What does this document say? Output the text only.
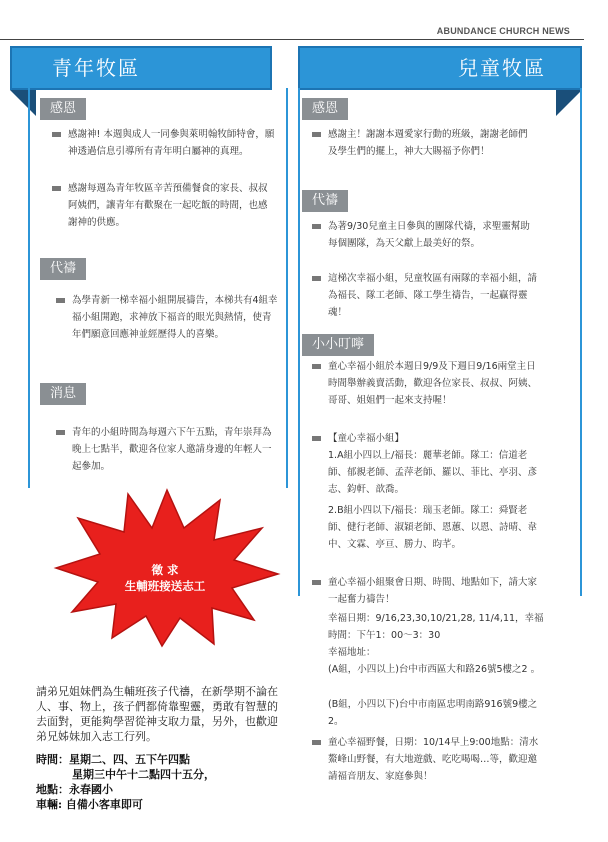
ABUNDANCE CHURCH NEWS
青年牧區
感恩
感謝神! 本週與成人一同參與萊明翰牧師特會，願神透過信息引導所有青年明白屬神的真理。
感謝每週為青年牧區辛苦預備餐食的家長、叔叔阿姨們，讓青年有歡聚在一起吃飯的時間，也感謝神的供應。
代禱
為學青新一梯幸福小組開展禱告，本梯共有4組幸福小組開跑，求神放下福音的眼光與熱情，使青年們願意回應神並經歷得人的喜樂。
消息
青年的小組時間為每週六下午五點，青年崇拜為晚上七點半，歡迎各位家人邀請身邊的年輕人一起參加。
徵 求
生輔班接送志工
請弟兄姐妹們為生輔班孩子代禱，在新學期不論在人、事、物上，孩子們都倚靠聖靈，勇敢有智慧的去面對，更能夠學習從神支取力量，另外，也歡迎弟兄姊妹加入志工行列。
時間：星期二、四、五下午四點
星期三中午十二點四十五分，
地點：永春國小
車輛: 自備小客車即可
兒童牧區
感恩
感謝主！謝謝本週愛家行動的班級，謝謝老師們及學生們的擺上，神大大賜福予你們！
代禱
為著9/30兒童主日參與的團隊代禱，求聖靈幫助每個團隊，為天父獻上最美好的祭。
這梯次幸福小組，兒童牧區有兩隊的幸福小組，請為福長、隊工老師、隊工學生禱告，一起贏得靈魂！
小小叮嚀
童心幸福小組於本週日9/9及下週日9/16兩堂主日時間舉辦義賣活動，歡迎各位家長、叔叔、阿姨、哥哥、姐姐們一起來支持喔！
【童心幸福小組】
1.A組小四以上/福長：麗華老師。隊工：信道老師、郁親老師、孟萍老師、羅以、菲比、亭羽、彥志、鈞軒、歆喬。
2.B組小四以下/福長：瑞玉老師。隊工：舜賢老師、健行老師、淑穎老師、恩蕙、以恩、詩晴、韋中、文霖、亭亘、勝力、昀芊。
童心幸福小組聚會日期、時間、地點如下，請大家一起奮力禱告！
幸福日期：9/16,23,30,10/21,28, 11/4,11，幸福時間：下午1：00～3：30
幸福地址：
(A組，小四以上)台中市西區大和路26號5樓之2 。
(B組，小四以下)台中市南區忠明南路916號9樓之2。
童心幸福野餐，日期：10/14早上9:00地點：清水鰲峰山野餐，有大地遊戲、吃吃喝喝…等，歡迎邀請福音朋友、家庭參與！
